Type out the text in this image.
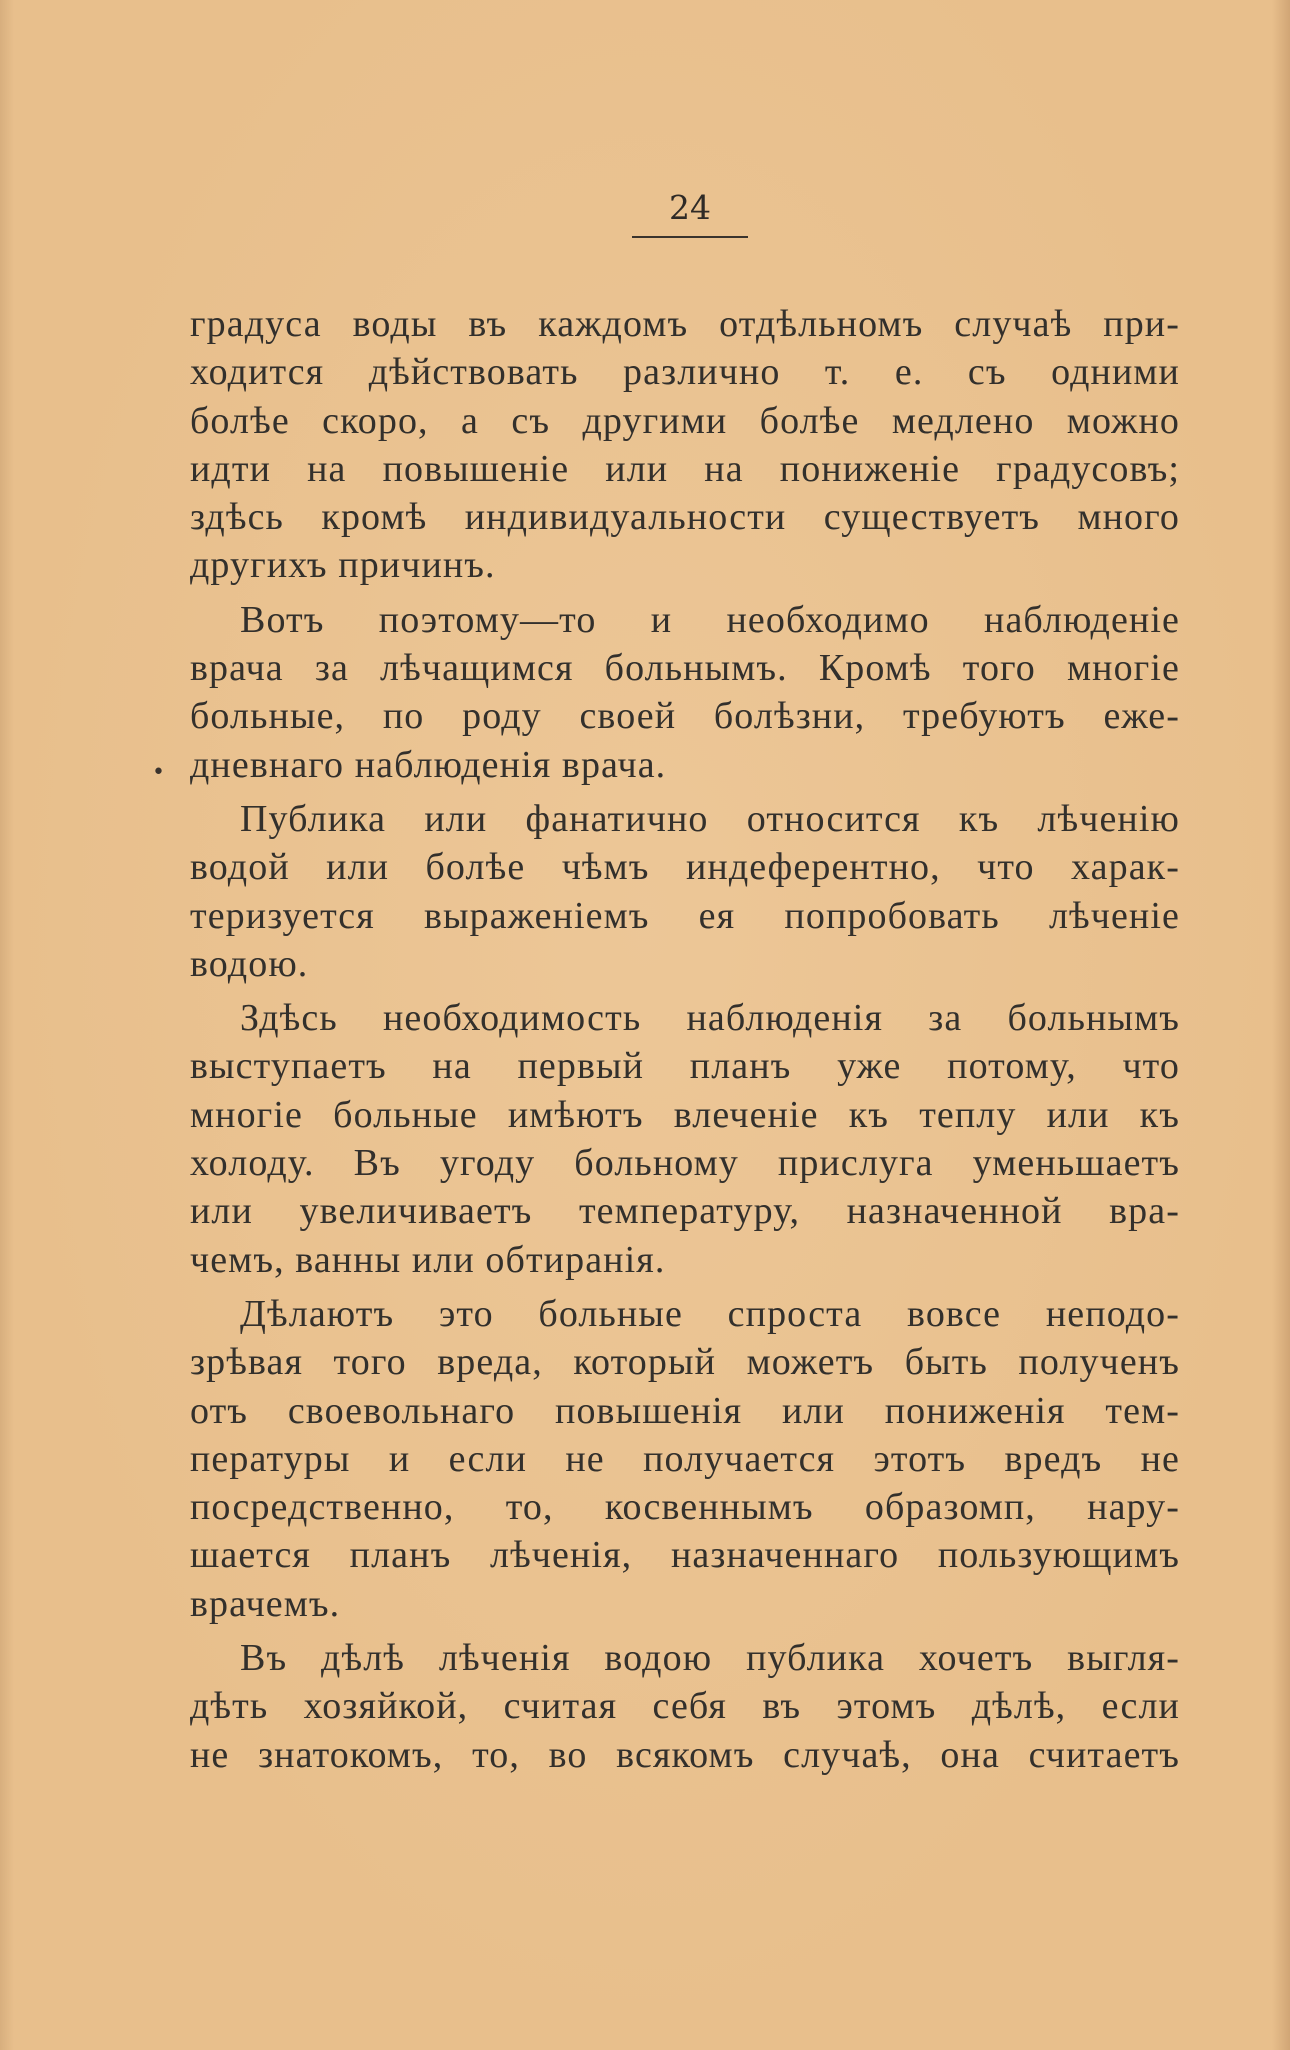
24
•
градуса воды въ каждомъ отдѣльномъ случаѣ при-
ходится дѣйствовать различно т. е. съ одними
болѣе скоро, а съ другими болѣе медлено можно
идти на повышеніе или на пониженіе градусовъ;
здѣсь кромѣ индивидуальности существуетъ много
другихъ причинъ.
Вотъ поэтому—то и необходимо наблюденіе
врача за лѣчащимся больнымъ. Кромѣ того многіе
больные, по роду своей болѣзни, требуютъ еже-
дневнаго наблюденія врача.
Публика или фанатично относится къ лѣченію
водой или болѣе чѣмъ индеферентно, что харак-
теризуется выраженіемъ ея попробовать лѣченіе
водою.
Здѣсь необходимость наблюденія за больнымъ
выступаетъ на первый планъ уже потому, что
многіе больные имѣютъ влеченіе къ теплу или къ
холоду. Въ угоду больному прислуга уменьшаетъ
или увеличиваетъ температуру, назначенной вра-
чемъ, ванны или обтиранія.
Дѣлаютъ это больные спроста вовсе неподо-
зрѣвая того вреда, который можетъ быть полученъ
отъ своевольнаго повышенія или пониженія тем-
пературы и если не получается этотъ вредъ не
посредственно, то, косвеннымъ образомп, нару-
шается планъ лѣченія, назначеннаго пользующимъ
врачемъ.
Въ дѣлѣ лѣченія водою публика хочетъ выгля-
дѣть хозяйкой, считая себя въ этомъ дѣлѣ, если
не знатокомъ, то, во всякомъ случаѣ, она считаетъ
